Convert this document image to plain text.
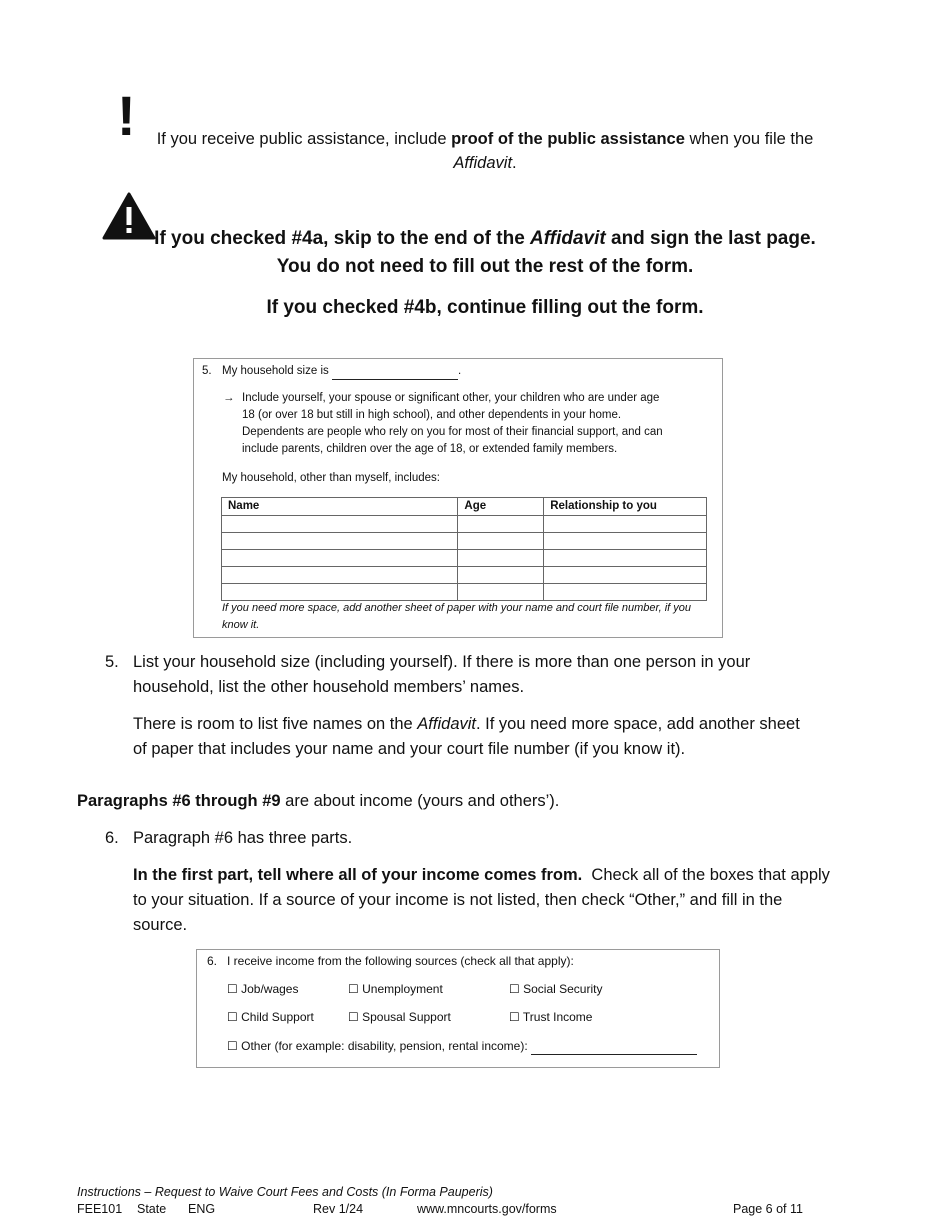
!	If you receive public assistance, include proof of the public assistance when you file the
Affidavit.
If you checked #4a, skip to the end of the Affidavit and sign the last page.
You do not need to fill out the rest of the form.
If you checked #4b, continue filling out the form.
5. My household size is	.
→ Include yourself, your spouse or significant other, your children who are under age
18 (or over 18 but still in high school), and other dependents in your home.
Dependents are people who rely on you for most of their financial support, and can
include parents, children over the age of 18, or extended family members.
My household, other than myself, includes:
Name	Age	Relationship to you

If you need more space, add another sheet of paper with your name and court file number, if you
know it.
5. List your household size (including yourself). If there is more than one person in your
household, list the other household members’ names.
There is room to list five names on the Affidavit. If you need more space, add another sheet
of paper that includes your name and your court file number (if you know it).
Paragraphs #6 through #9 are about income (yours and others’).
6. Paragraph #6 has three parts.
In the first part, tell where all of your income comes from.  Check all of the boxes that apply
to your situation. If a source of your income is not listed, then check “Other,” and fill in the
source.
6. I receive income from the following sources (check all that apply):
☐ Job/wages	☐ Unemployment	☐ Social Security
☐ Child Support	☐ Spousal Support	☐ Trust Income
☐ Other (for example: disability, pension, rental income):
Instructions – Request to Waive Court Fees and Costs (In Forma Pauperis)
FEE101 State ENG	Rev 1/24	www.mncourts.gov/forms	Page 6 of 11
